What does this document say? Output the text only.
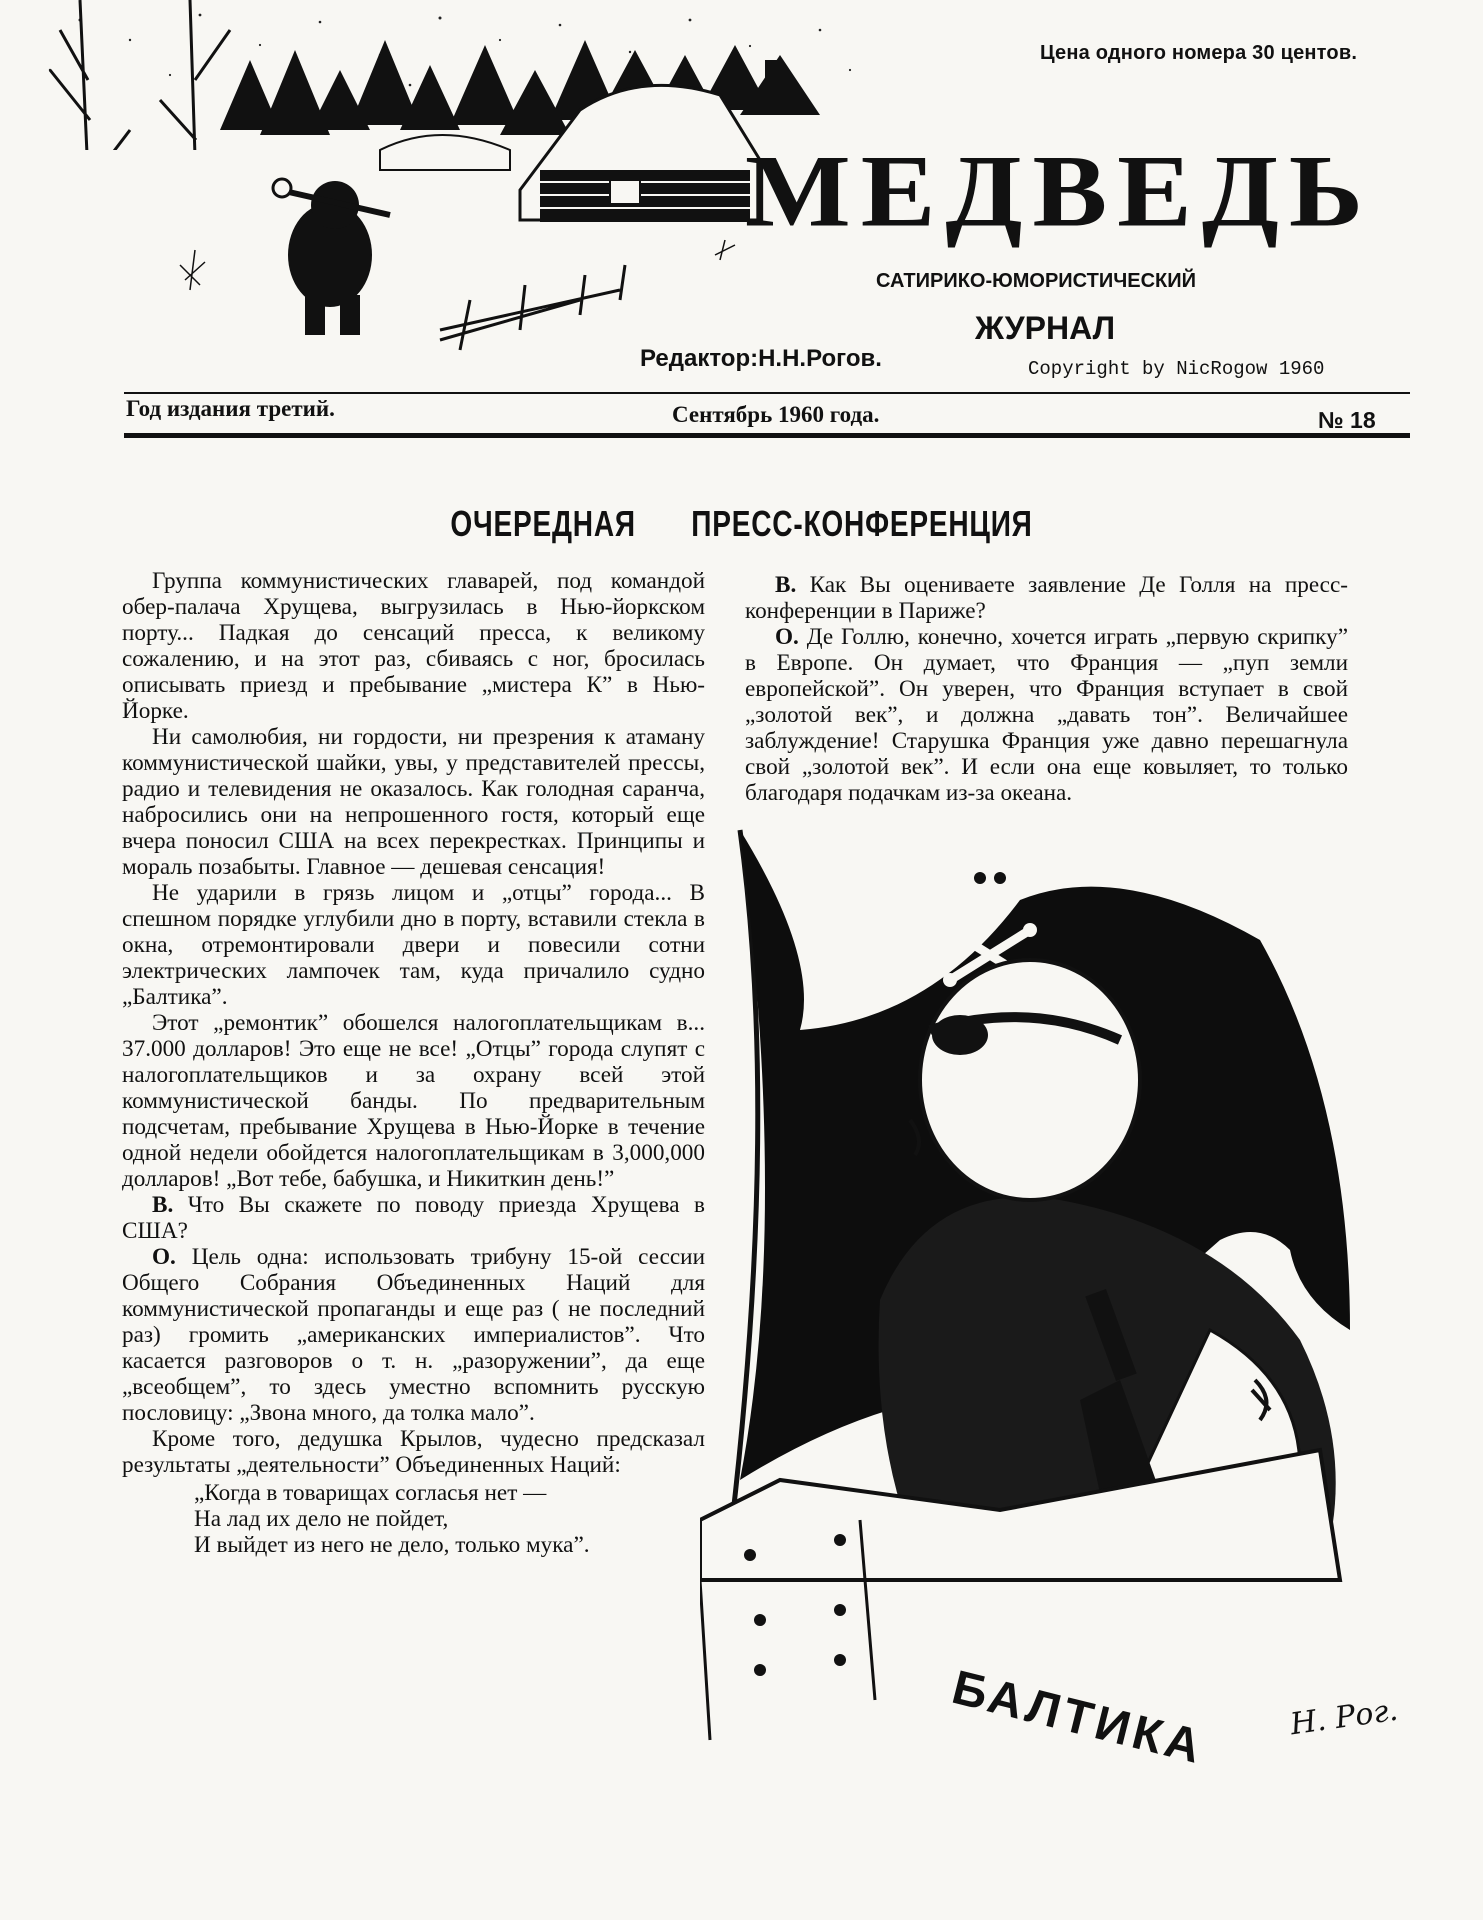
Цена одного номера 30 центов.
МЕДВЕДЬ
САТИРИКО-ЮМОРИСТИЧЕСКИЙ
ЖУРНАЛ
Редактор:Н.Н.Рогов.	Copyright by NicRogow 1960
Год издания третий.	Сентябрь 1960 года.	№ 18
ОЧЕРЕДНАЯ ПРЕСС-КОНФЕРЕНЦИЯ

Группа коммунистических главарей, под командой обер-палача Хрущева, выгрузилась в Нью-йоркском порту... Падкая до сенсаций пресса, к великому сожалению, и на этот раз, сбиваясь с ног, бросилась описывать приезд и пребывание „мистера К” в Нью-Йорке.

Ни самолюбия, ни гордости, ни презрения к атаману коммунистической шайки, увы, у представителей прессы, радио и телевидения не оказалось. Как голодная саранча, набросились они на непрошенного гостя, который еще вчера поносил США на всех перекрестках. Принципы и мораль позабыты. Главное — дешевая сенсация!

Не ударили в грязь лицом и „отцы” города... В спешном порядке углубили дно в порту, вставили стекла в окна, отремонтировали двери и повесили сотни электрических лампочек там, куда причалило судно „Балтика”.

Этот „ремонтик” обошелся налогоплательщикам в... 37.000 долларов! Это еще не все! „Отцы” города слупят с налогоплательщиков и за охрану всей этой коммунистической банды. По предварительным подсчетам, пребывание Хрущева в Нью-Йорке в течение одной недели обойдется налогоплательщикам в 3,000,000 долларов! „Вот тебе, бабушка, и Никиткин день!”

В. Что Вы скажете по поводу приезда Хрущева в США?

О. Цель одна: использовать трибуну 15-ой сессии Общего Собрания Объединенных Наций для коммунистической пропаганды и еще раз ( не последний раз) громить „американских империалистов”. Что касается разговоров о т. н. „разоружении”, да еще „всеобщем”, то здесь уместно вспомнить русскую пословицу: „Звона много, да толка мало”.

Кроме того, дедушка Крылов, чудесно предсказал результаты „деятельности” Объединенных Наций:

„Когда в товарищах согласья нет —
На лад их дело не пойдет,
И выйдет из него не дело, только мука”.

В. Как Вы оцениваете заявление Де Голля на пресс-конференции в Париже?

О. Де Голлю, конечно, хочется играть „первую скрипку” в Европе. Он думает, что Франция — „пуп земли европейской”. Он уверен, что Франция вступает в свой „золотой век”, и должна „давать тон”. Величайшее заблуждение! Старушка Франция уже давно перешагнула свой „золотой век”. И если она еще ковыляет, то только благодаря подачкам из-за океана.

БАЛТИКА	Н. Рог.
